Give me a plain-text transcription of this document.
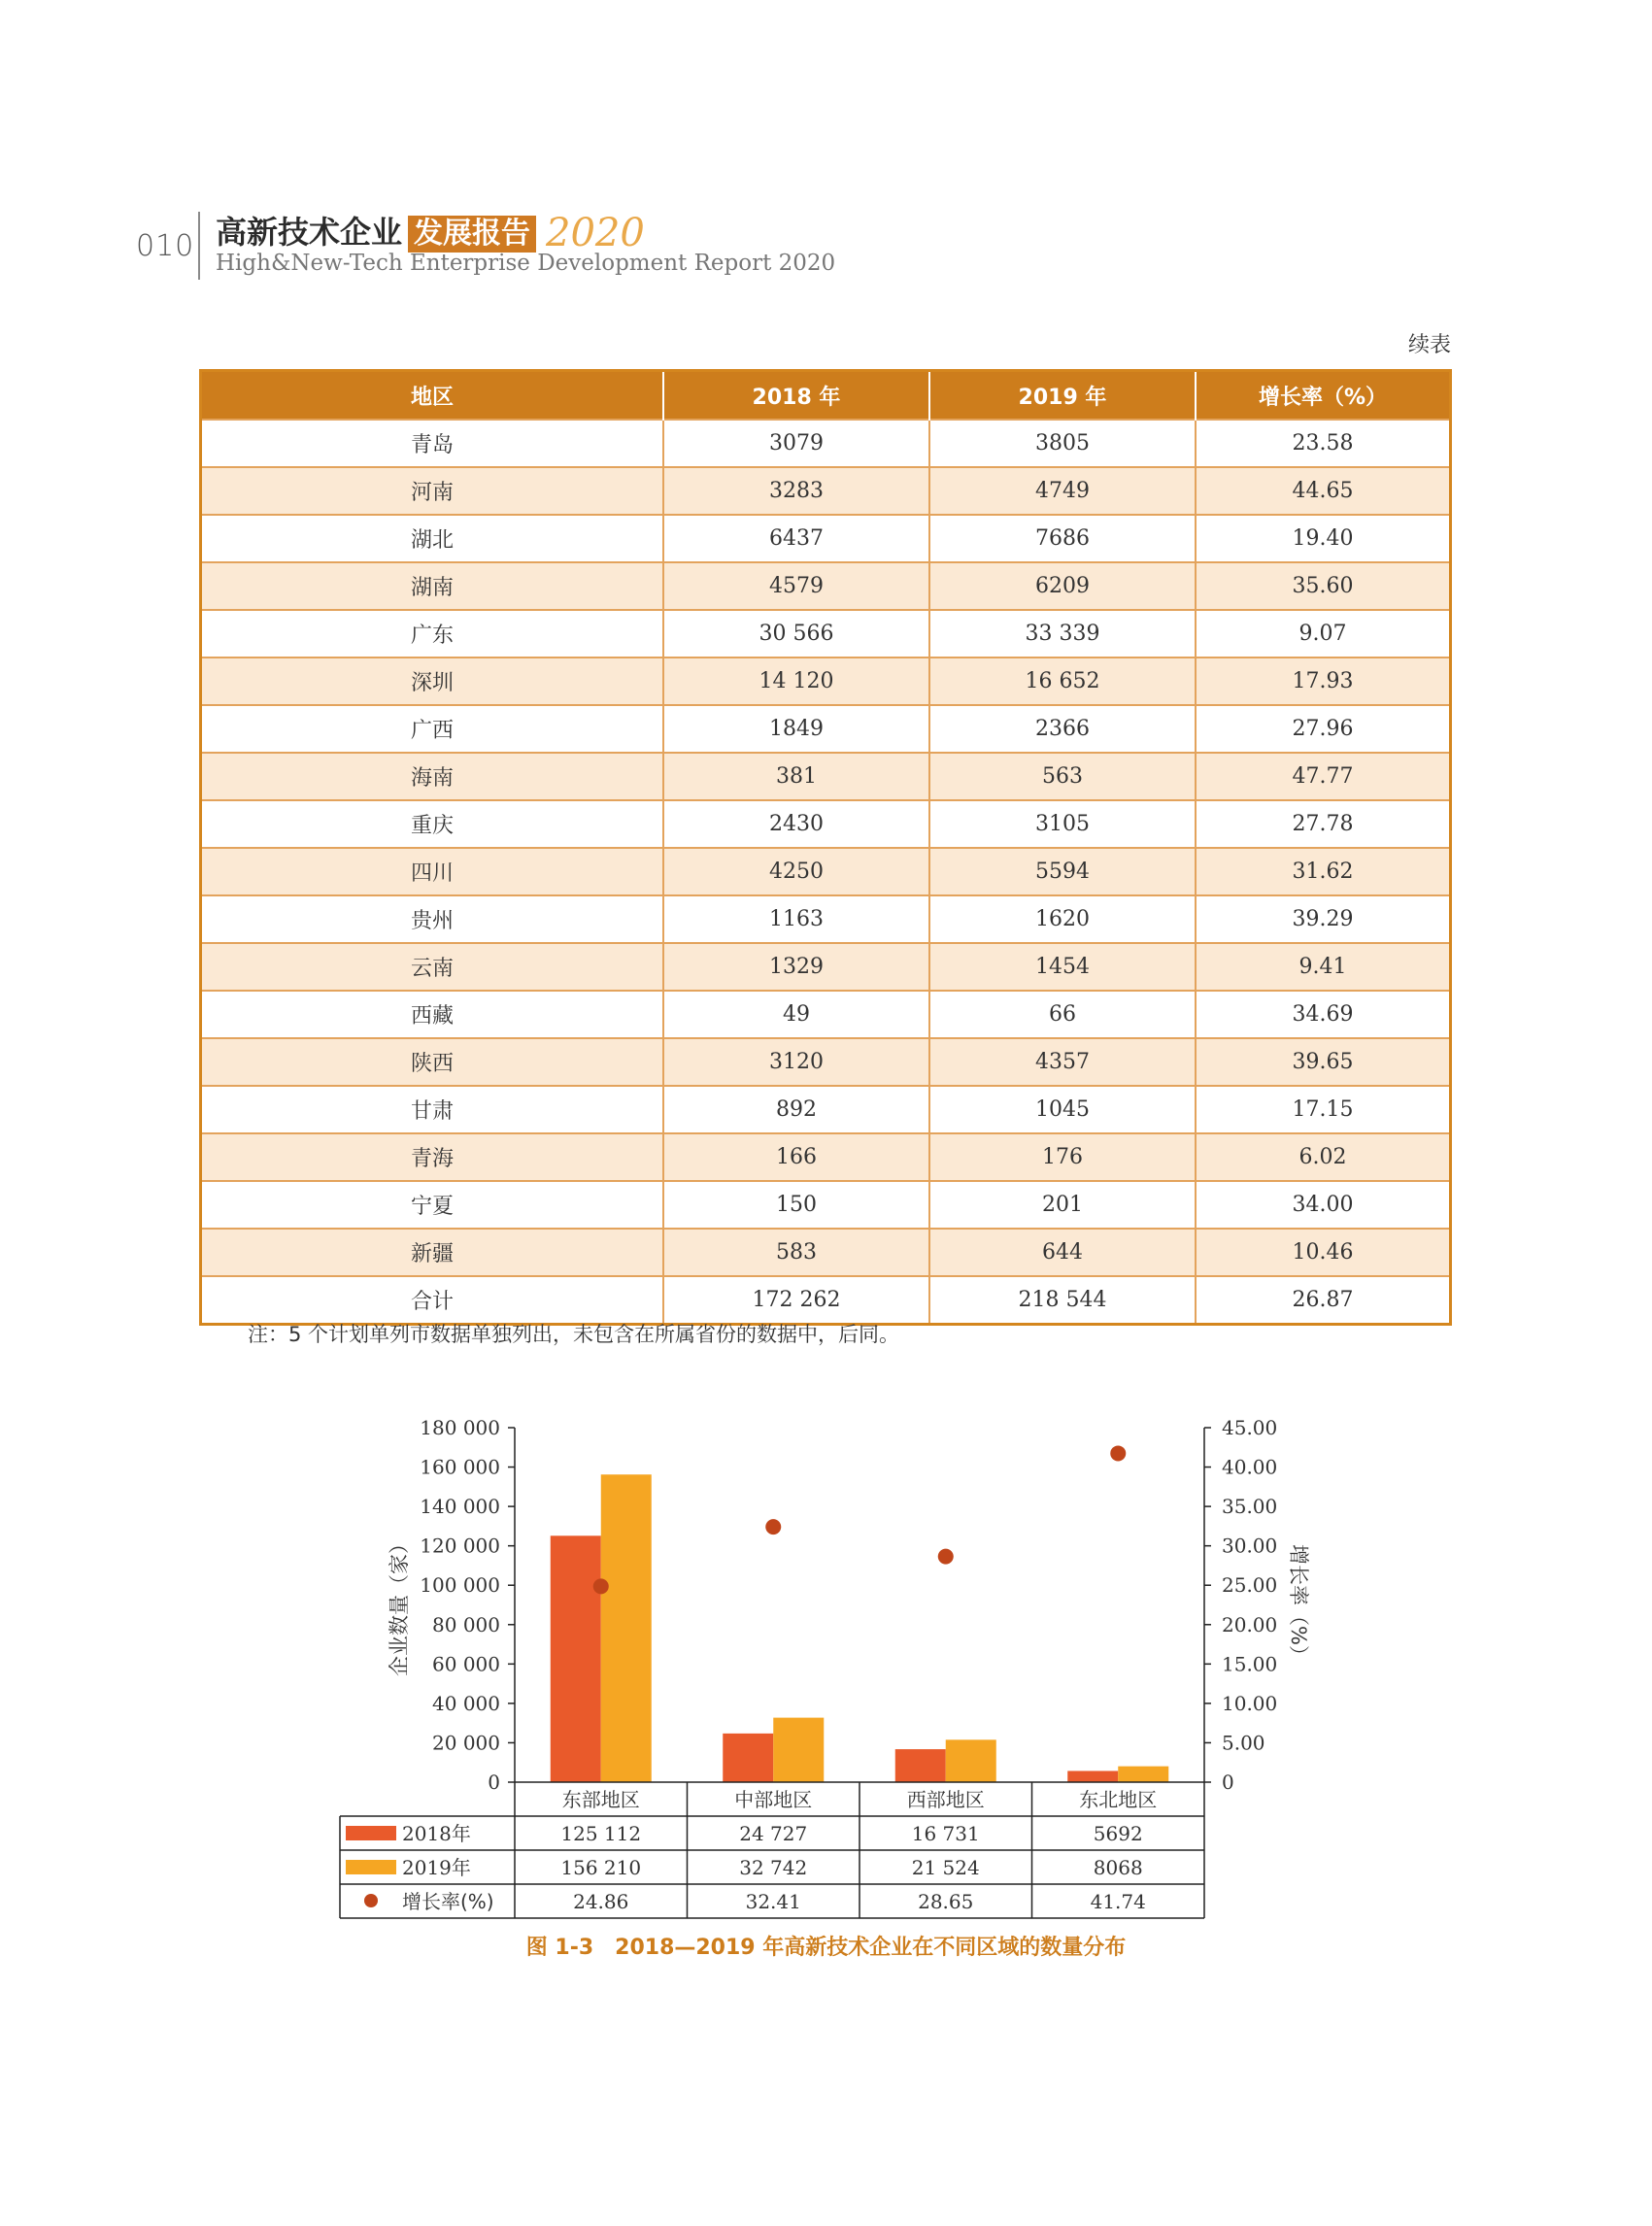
010 高新技术企业 发展报告 2020
High&New-Tech Enterprise Development Report 2020
续表
地区	2018 年	2019 年	增长率（%）
青岛	3079	3805	23.58
河南	3283	4749	44.65
湖北	6437	7686	19.40
湖南	4579	6209	35.60
广东	30 566	33 339	9.07
深圳	14 120	16 652	17.93
广西	1849	2366	27.96
海南	381	563	47.77
重庆	2430	3105	27.78
四川	4250	5594	31.62
贵州	1163	1620	39.29
云南	1329	1454	9.41
西藏	49	66	34.69
陕西	3120	4357	39.65
甘肃	892	1045	17.15
青海	166	176	6.02
宁夏	150	201	34.00
新疆	583	644	10.46
合计	172 262	218 544	26.87
注：5 个计划单列市数据单独列出，未包含在所属省份的数据中，后同。
0
20 000
40 000
60 000
80 000
100 000
120 000
140 000
160 000
180 000
0
5.00
10.00
15.00
20.00
25.00
30.00
35.00
40.00
45.00
企业数量（家）	增长率（%）
东部地区	中部地区	西部地区	东北地区
2018年	125 112	24 727	16 731	5692
2019年	156 210	32 742	21 524	8068
增长率(%)	24.86	32.41	28.65	41.74
图 1-3　2018—2019 年高新技术企业在不同区域的数量分布
